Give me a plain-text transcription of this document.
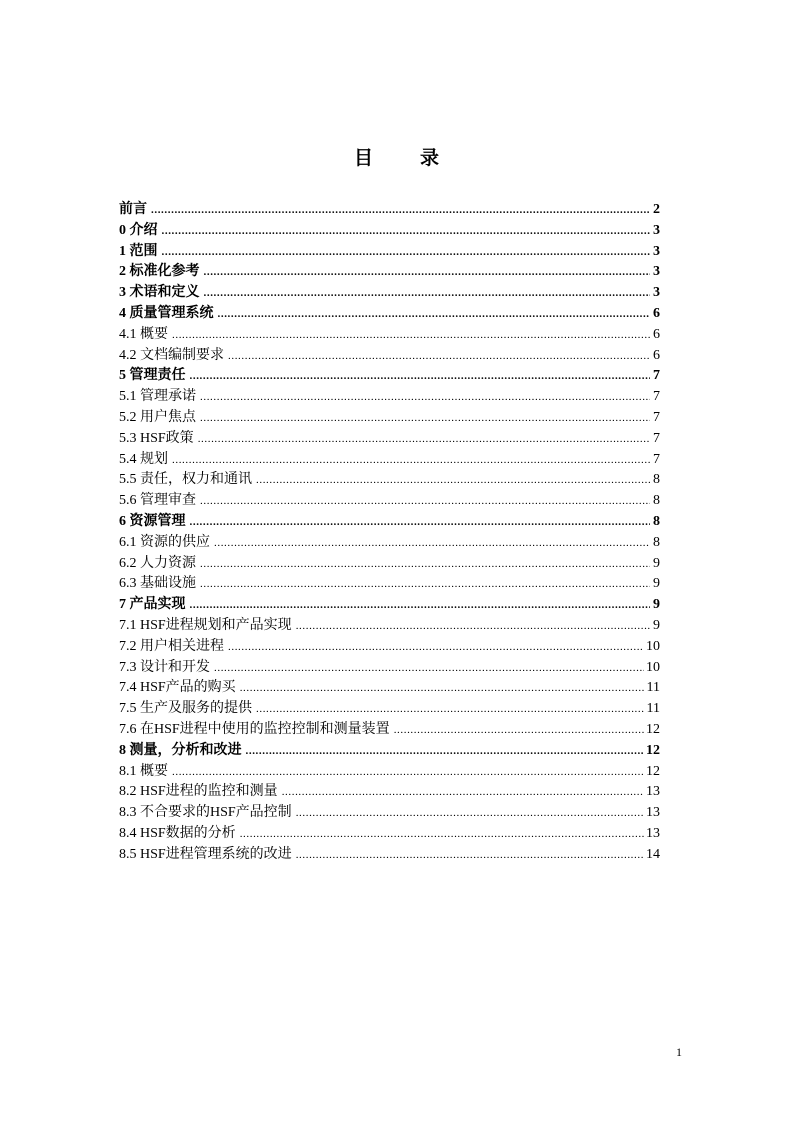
目　录
前言 .....	2
0 介绍 .....	3
1 范围 .....	3
2 标准化参考 .....	3
3 术语和定义 .....	3
4 质量管理系统 .....	6
4.1 概要 .....	6
4.2 文档编制要求 .....	6
5 管理责任 .....	7
5.1 管理承诺 .....	7
5.2 用户焦点 .....	7
5.3 HSF政策 .....	7
5.4 规划 .....	7
5.5 责任，权力和通讯 .....	8
5.6 管理审查 .....	8
6 资源管理 .....	8
6.1 资源的供应 .....	8
6.2 人力资源 .....	9
6.3 基础设施 .....	9
7 产品实现 .....	9
7.1 HSF进程规划和产品实现 .....	9
7.2 用户相关进程 .....	10
7.3 设计和开发 .....	10
7.4 HSF产品的购买 .....	11
7.5 生产及服务的提供 .....	11
7.6 在HSF进程中使用的监控控制和测量装置 .....	12
8 测量，分析和改进 .....	12
8.1 概要 .....	12
8.2 HSF进程的监控和测量 .....	13
8.3 不合要求的HSF产品控制 .....	13
8.4 HSF数据的分析 .....	13
8.5 HSF进程管理系统的改进 .....	14
1
